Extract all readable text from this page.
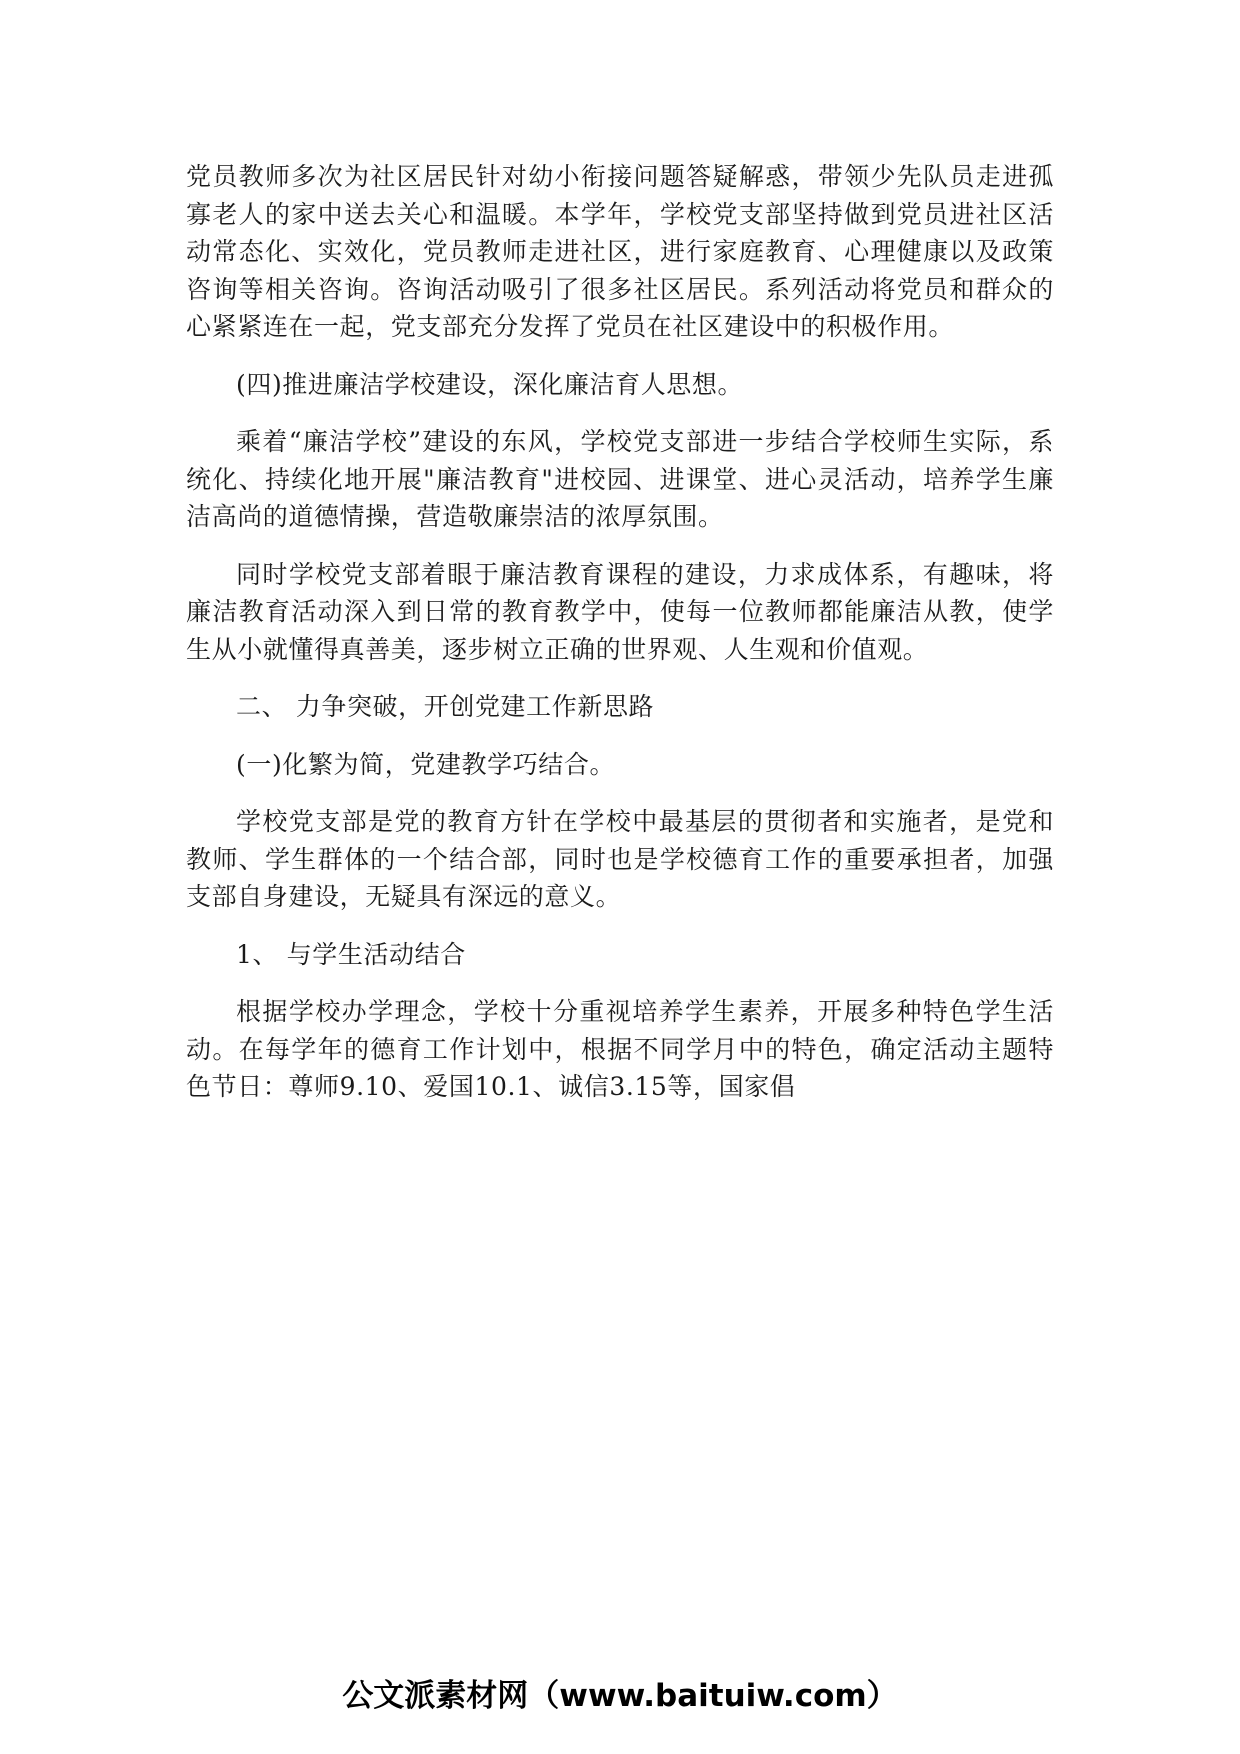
党员教师多次为社区居民针对幼小衔接问题答疑解惑，带领少先队员走进孤寡老人的家中送去关心和温暖。本学年，学校党支部坚持做到党员进社区活动常态化、实效化，党员教师走进社区，进行家庭教育、心理健康以及政策咨询等相关咨询。咨询活动吸引了很多社区居民。系列活动将党员和群众的心紧紧连在一起，党支部充分发挥了党员在社区建设中的积极作用。

(四)推进廉洁学校建设，深化廉洁育人思想。

乘着“廉洁学校”建设的东风，学校党支部进一步结合学校师生实际，系统化、持续化地开展"廉洁教育"进校园、进课堂、进心灵活动，培养学生廉洁高尚的道德情操，营造敬廉崇洁的浓厚氛围。

同时学校党支部着眼于廉洁教育课程的建设，力求成体系，有趣味，将廉洁教育活动深入到日常的教育教学中，使每一位教师都能廉洁从教，使学生从小就懂得真善美，逐步树立正确的世界观、人生观和价值观。

二、 力争突破，开创党建工作新思路

(一)化繁为简，党建教学巧结合。

学校党支部是党的教育方针在学校中最基层的贯彻者和实施者，是党和教师、学生群体的一个结合部，同时也是学校德育工作的重要承担者，加强支部自身建设，无疑具有深远的意义。

1、 与学生活动结合

根据学校办学理念，学校十分重视培养学生素养，开展多种特色学生活动。在每学年的德育工作计划中，根据不同学月中的特色，确定活动主题特色节日：尊师9.10、爱国10.1、诚信3.15等，国家倡

公文派素材网（www.baituiw.com）
